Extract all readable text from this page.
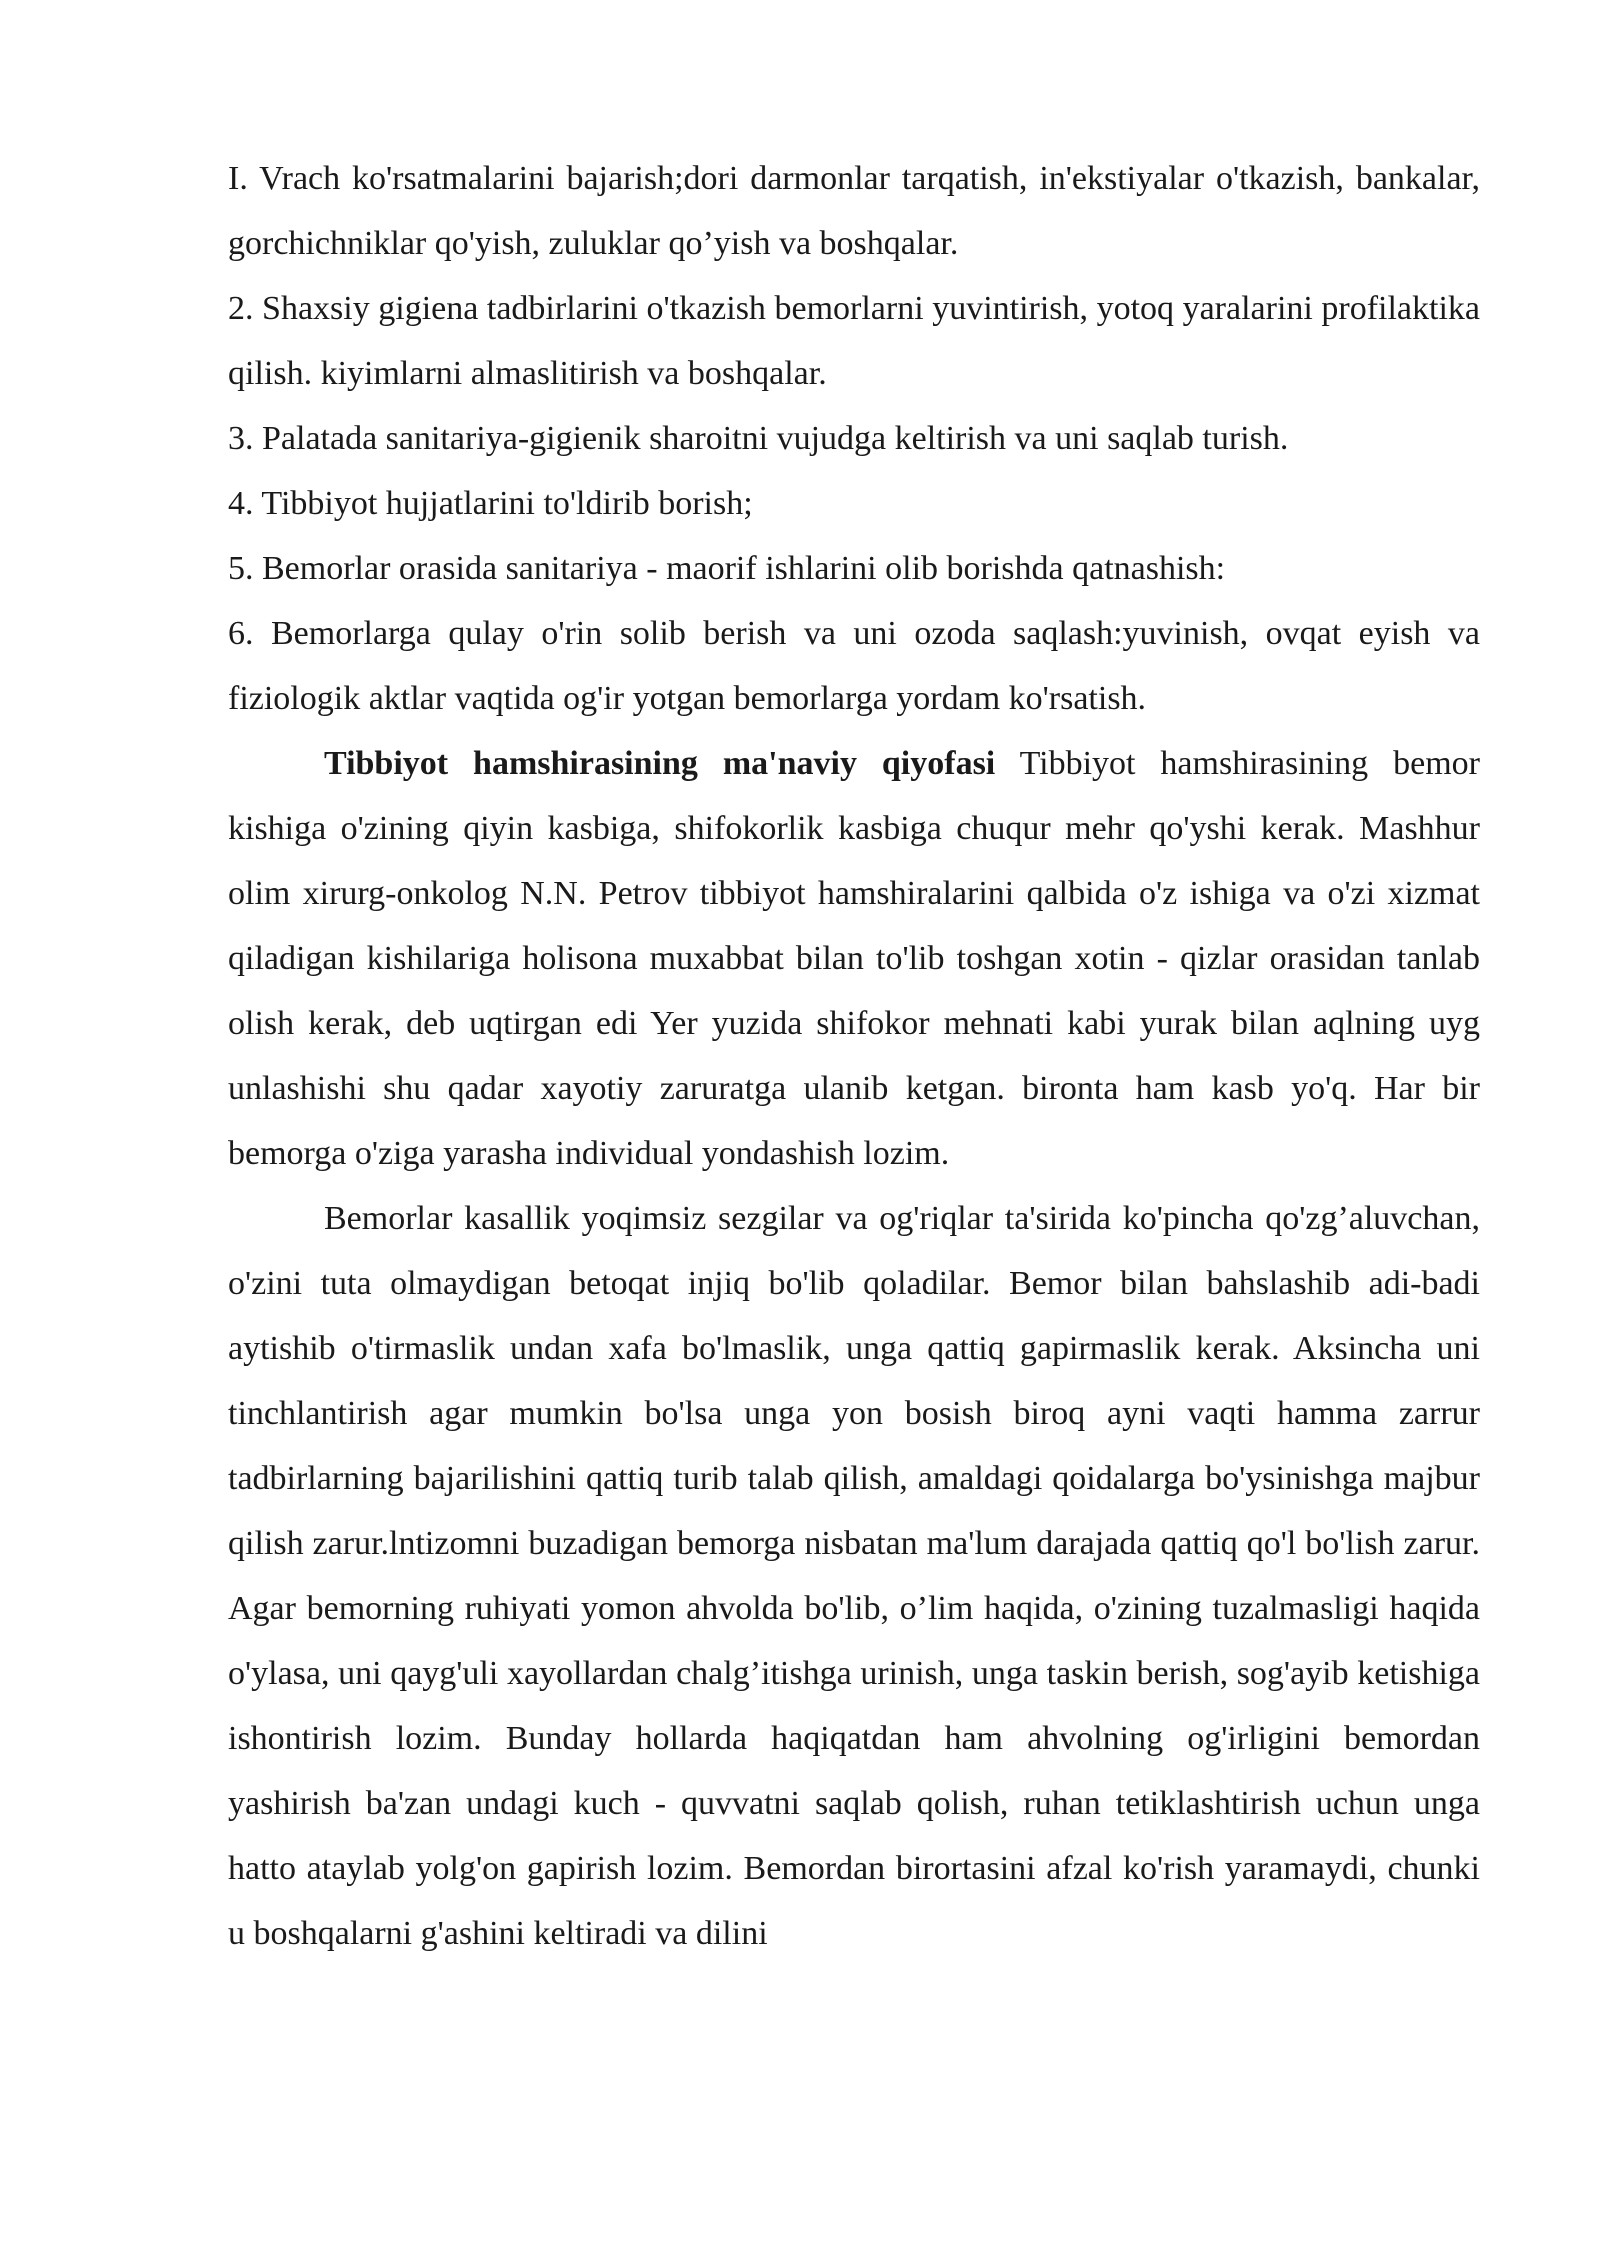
I. Vrach ko'rsatmalarini bajarish;dori darmonlar tarqatish, in'ekstiyalar o'tkazish, bankalar, gorchichniklar qo'yish, zuluklar qo’yish va boshqalar.

2. Shaxsiy gigiena tadbirlarini o'tkazish bemorlarni yuvintirish, yotoq yaralarini profilaktika qilish. kiyimlarni almaslitirish va boshqalar.

3. Palatada sanitariya-gigienik sharoitni vujudga keltirish va uni saqlab turish.

4. Tibbiyot hujjatlarini to'ldirib borish;

5. Bemorlar orasida sanitariya - maorif ishlarini olib borishda qatnashish:

6. Bemorlarga qulay o'rin solib berish va uni ozoda saqlash:yuvinish, ovqat eyish va fiziologik aktlar vaqtida og'ir yotgan bemorlarga yordam ko'rsatish.

Tibbiyot hamshirasining ma'naviy qiyofasi Tibbiyot hamshirasining bemor kishiga o'zining qiyin kasbiga, shifokorlik kasbiga chuqur mehr qo'yshi kerak. Mashhur olim xirurg-onkolog N.N. Petrov tibbiyot hamshiralarini qalbida o'z ishiga va o'zi xizmat qiladigan kishilariga holisona muxabbat bilan to'lib toshgan xotin - qizlar orasidan tanlab olish kerak, deb uqtirgan edi Yer yuzida shifokor mehnati kabi yurak bilan aqlning uyg unlashishi shu qadar xayotiy zaruratga ulanib ketgan. bironta ham kasb yo'q. Har bir bemorga o'ziga yarasha individual yondashish lozim.

Bemorlar kasallik yoqimsiz sezgilar va og'riqlar ta'sirida ko'pincha qo'zg’aluvchan, o'zini tuta olmaydigan betoqat injiq bo'lib qoladilar. Bemor bilan bahslashib adi-badi aytishib o'tirmaslik undan xafa bo'lmaslik, unga qattiq gapirmaslik kerak. Aksincha uni tinchlantirish agar mumkin bo'lsa unga yon bosish biroq ayni vaqti hamma zarrur tadbirlarning bajarilishini qattiq turib talab qilish, amaldagi qoidalarga bo'ysinishga majbur qilish zarur.lntizomni buzadigan bemorga nisbatan ma'lum darajada qattiq qo'l bo'lish zarur. Agar bemorning ruhiyati yomon ahvolda bo'lib, o’lim haqida, o'zining tuzalmasligi haqida o'ylasa, uni qayg'uli xayollardan chalg’itishga urinish, unga taskin berish, sog'ayib ketishiga ishontirish lozim. Bunday hollarda haqiqatdan ham ahvolning og'irligini bemordan yashirish ba'zan undagi kuch - quvvatni saqlab qolish, ruhan tetiklashtirish uchun unga hatto ataylab yolg'on gapirish lozim. Bemordan birortasini afzal ko'rish yaramaydi, chunki u boshqalarni g'ashini keltiradi va dilini
